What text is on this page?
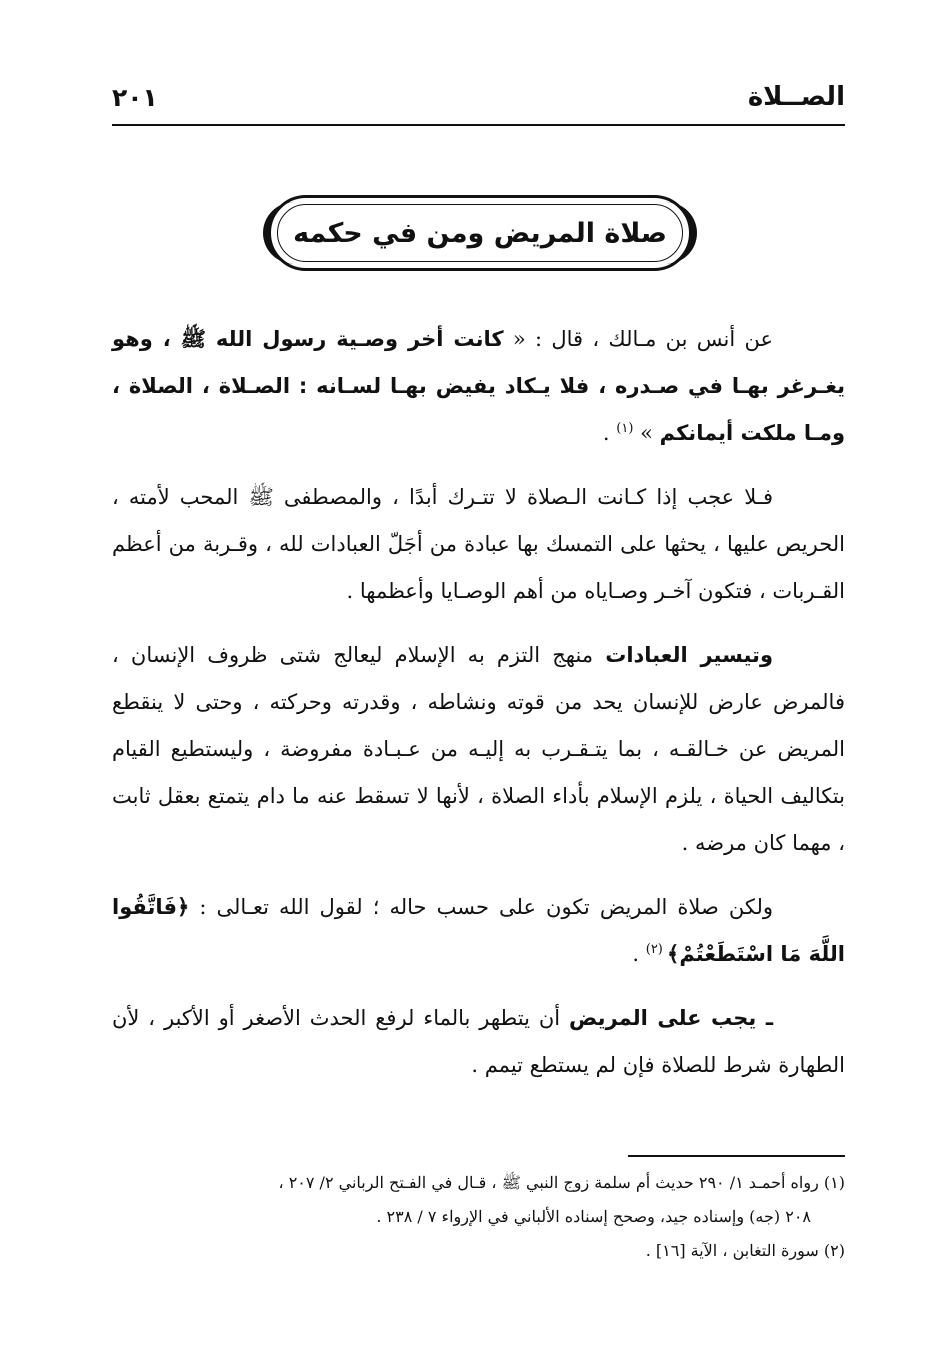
الصــلاة
٢٠١
صلاة المريض ومن في حكمه

عن أنس بن مـالك ، قال : « كانت أخر وصـية رسول الله ﷺ ، وهو يغـرغر بهـا في صـدره ، فلا يـكاد يفيض بهـا لسـانه : الصـلاة ، الصلاة ، ومـا ملكت أيمانكم » $^{(١)}$ .

فـلا عجب إذا كـانت الـصلاة لا تتـرك أبدًا ، والمصطفى ﷺ المحب لأمته ، الحريص عليها ، يحثها على التمسك بها عبادة من أجَلّ العبادات لله ، وقـربة من أعظم القـربات ، فتكون آخـر وصـاياه من أهم الوصـايا وأعظمها .

وتيسير العبادات منهج التزم به الإسلام ليعالج شتى ظروف الإنسان ، فالمرض عارض للإنسان يحد من قوته ونشاطه ، وقدرته وحركته ، وحتى لا ينقطع المريض عن خـالقـه ، بما يتـقـرب به إليـه من عـبـادة مفروضة ، وليستطيع القيام بتكاليف الحياة ، يلزم الإسلام بأداء الصلاة ، لأنها لا تسقط عنه ما دام يتمتع بعقل ثابت ، مهما كان مرضه .

ولكن صلاة المريض تكون على حسب حاله ؛ لقول الله تعـالى : ﴿فَاتَّقُوا اللَّهَ مَا اسْتَطَعْتُمْ﴾ $^{(٢)}$ .

ـ يجب على المريض أن يتطهر بالماء لرفع الحدث الأصغر أو الأكبر ، لأن الطهارة شرط للصلاة فإن لم يستطع تيمم .

(١) رواه أحمـد ١/ ٢٩٠ حديث أم سلمة زوج النبي ﷺ ، قـال في الفـتح الرباني ٢/ ٢٠٧ ،

٢٠٨ (جه) وإسناده جيد، وصحح إسناده الألباني في الإرواء ٧ / ٢٣٨ .

(٢) سورة التغابن ، الآية [١٦] .
